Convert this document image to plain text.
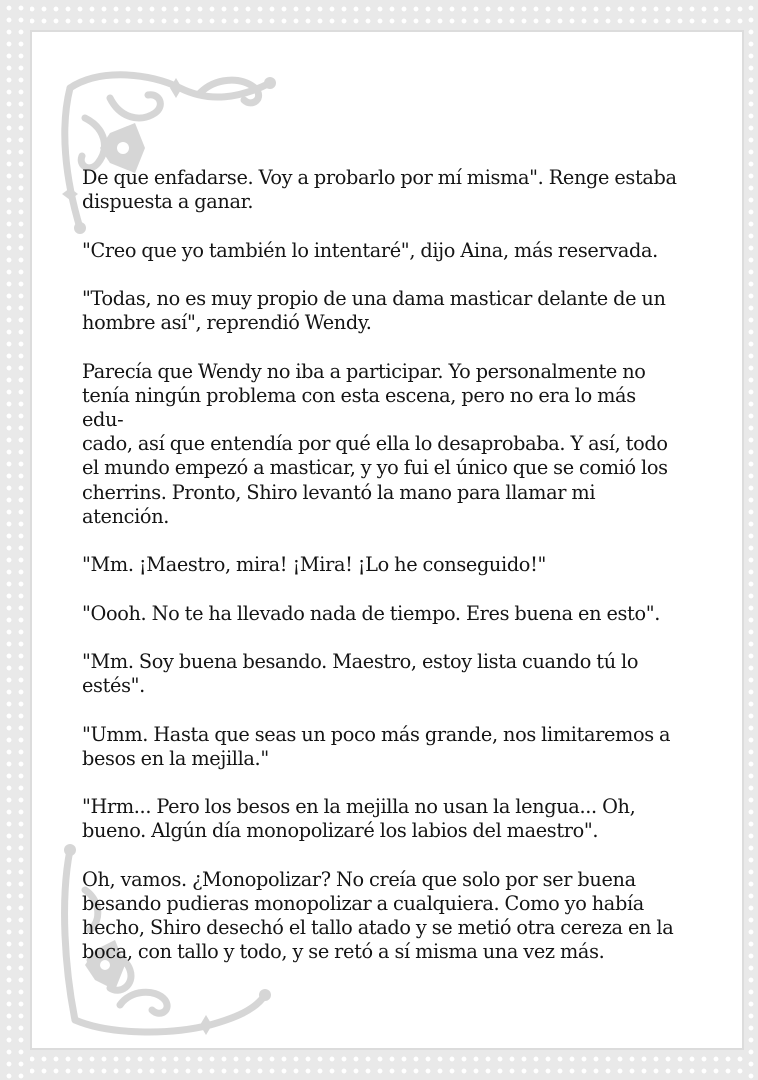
De que enfadarse. Voy a probarlo por mí misma". Renge estaba
dispuesta a ganar.

"Creo que yo también lo intentaré", dijo Aina, más reservada.

"Todas, no es muy propio de una dama masticar delante de un
hombre así", reprendió Wendy.

Parecía que Wendy no iba a participar. Yo personalmente no
tenía ningún problema con esta escena, pero no era lo más edu-
cado, así que entendía por qué ella lo desaprobaba. Y así, todo
el mundo empezó a masticar, y yo fui el único que se comió los
cherrins. Pronto, Shiro levantó la mano para llamar mi atención.

"Mm. ¡Maestro, mira! ¡Mira! ¡Lo he conseguido!"

"Oooh. No te ha llevado nada de tiempo. Eres buena en esto".

"Mm. Soy buena besando. Maestro, estoy lista cuando tú lo
estés".

"Umm. Hasta que seas un poco más grande, nos limitaremos a
besos en la mejilla."

"Hrm... Pero los besos en la mejilla no usan la lengua... Oh,
bueno. Algún día monopolizaré los labios del maestro".

Oh, vamos. ¿Monopolizar? No creía que solo por ser buena
besando pudieras monopolizar a cualquiera. Como yo había
hecho, Shiro desechó el tallo atado y se metió otra cereza en la
boca, con tallo y todo, y se retó a sí misma una vez más.
